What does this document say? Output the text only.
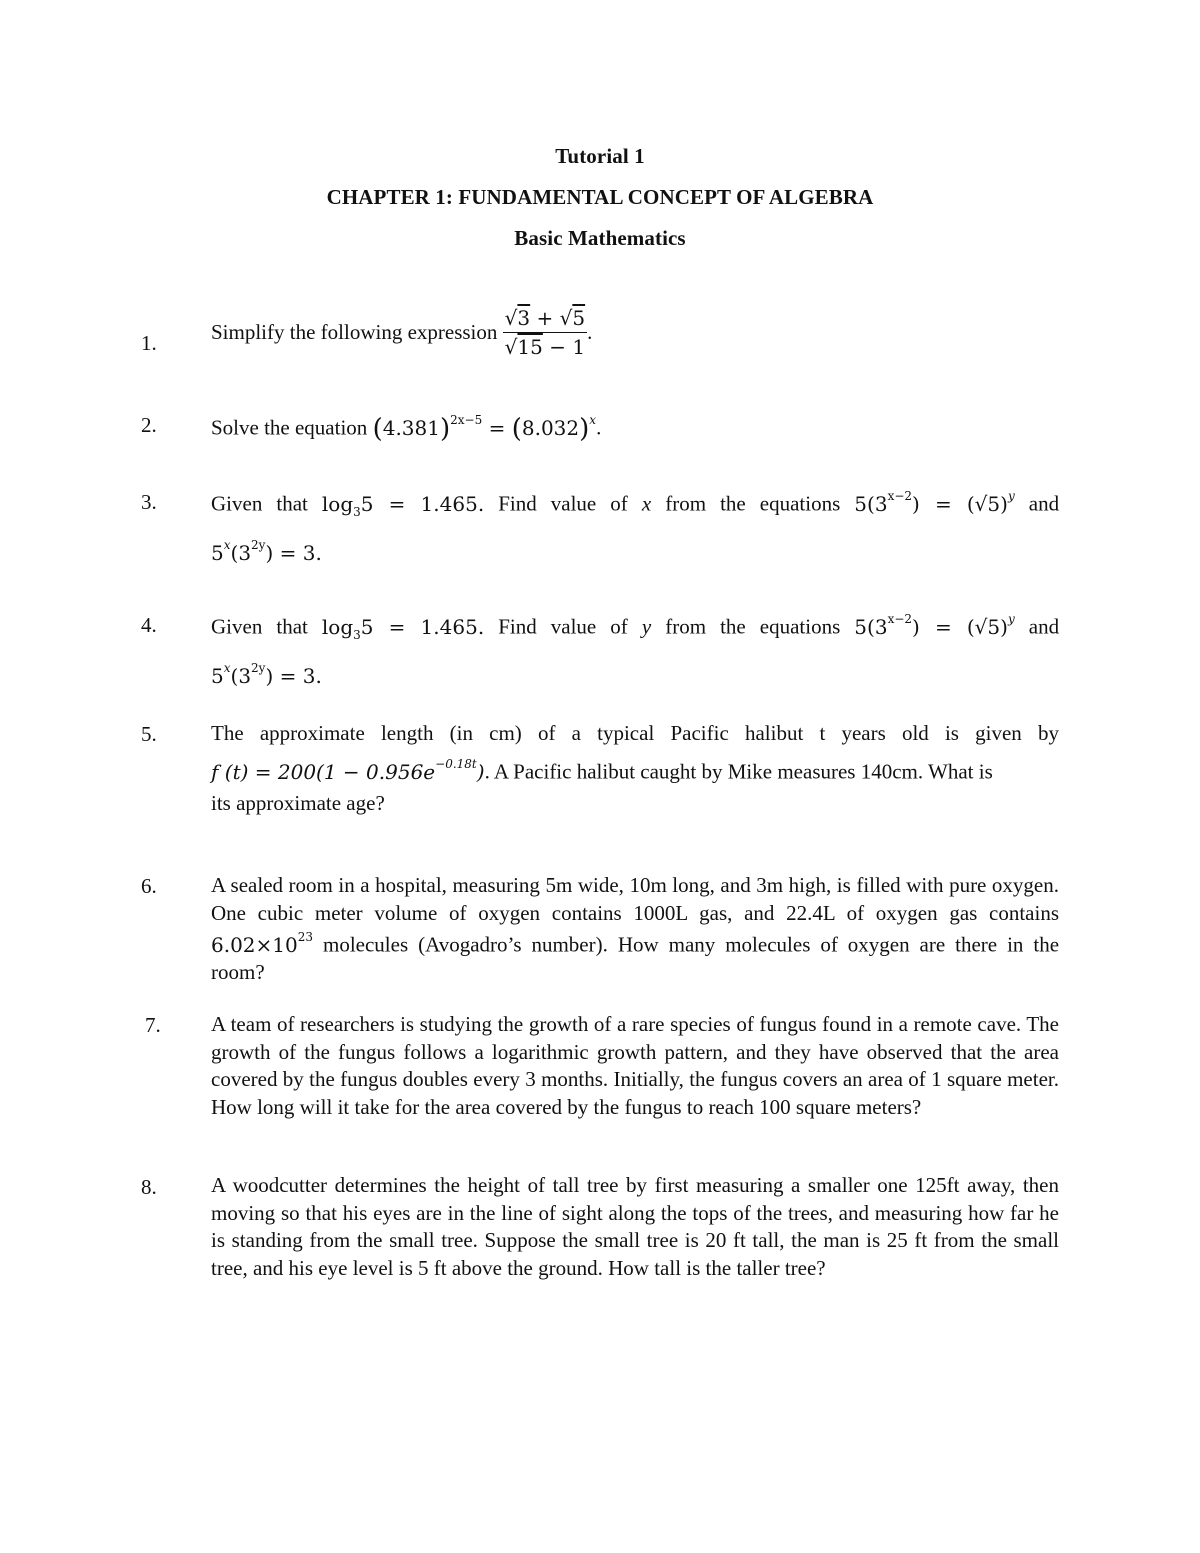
Tutorial 1
CHAPTER 1: FUNDAMENTAL CONCEPT OF ALGEBRA
Basic Mathematics
1.	Simplify the following expression $\frac{√3 + √5}{√15 - 1}$ .
2.	Solve the equation $(4.381)^{2x-5} = (8.032)^x$.
3.	Given that $\log_35 = 1.465$. Find value of x from the equations $5(3^{x-2}) = (√5)^y$ and
$5^x(3^{2y}) = 3$.
4.	Given that $\log_35 = 1.465$. Find value of y from the equations $5(3^{x-2}) = (√5)^y$ and
$5^x(3^{2y}) = 3$.
5.	The approximate length (in cm) of a typical Pacific halibut t years old is given by
f $(t) = 200(1 - 0.956e^{-0.18t})$. A Pacific halibut caught by Mike measures 140cm. What is
its approximate age?
6.	A sealed room in a hospital, measuring 5m wide, 10m long, and 3m high, is filled with pure oxygen. One cubic meter volume of oxygen contains 1000L gas, and 22.4L of oxygen gas contains $6.02\times 10^{23}$ molecules (Avogadro’s number). How many molecules of oxygen are there in the room?
7. A team of researchers is studying the growth of a rare species of fungus found in a remote cave. The growth of the fungus follows a logarithmic growth pattern, and they have observed that the area covered by the fungus doubles every 3 months. Initially, the fungus covers an area of 1 square meter. How long will it take for the area covered by the fungus to reach 100 square meters?
8.	A woodcutter determines the height of tall tree by first measuring a smaller one 125ft away, then moving so that his eyes are in the line of sight along the tops of the trees, and measuring how far he is standing from the small tree. Suppose the small tree is 20 ft tall, the man is 25 ft from the small tree, and his eye level is 5 ft above the ground. How tall is the taller tree?
